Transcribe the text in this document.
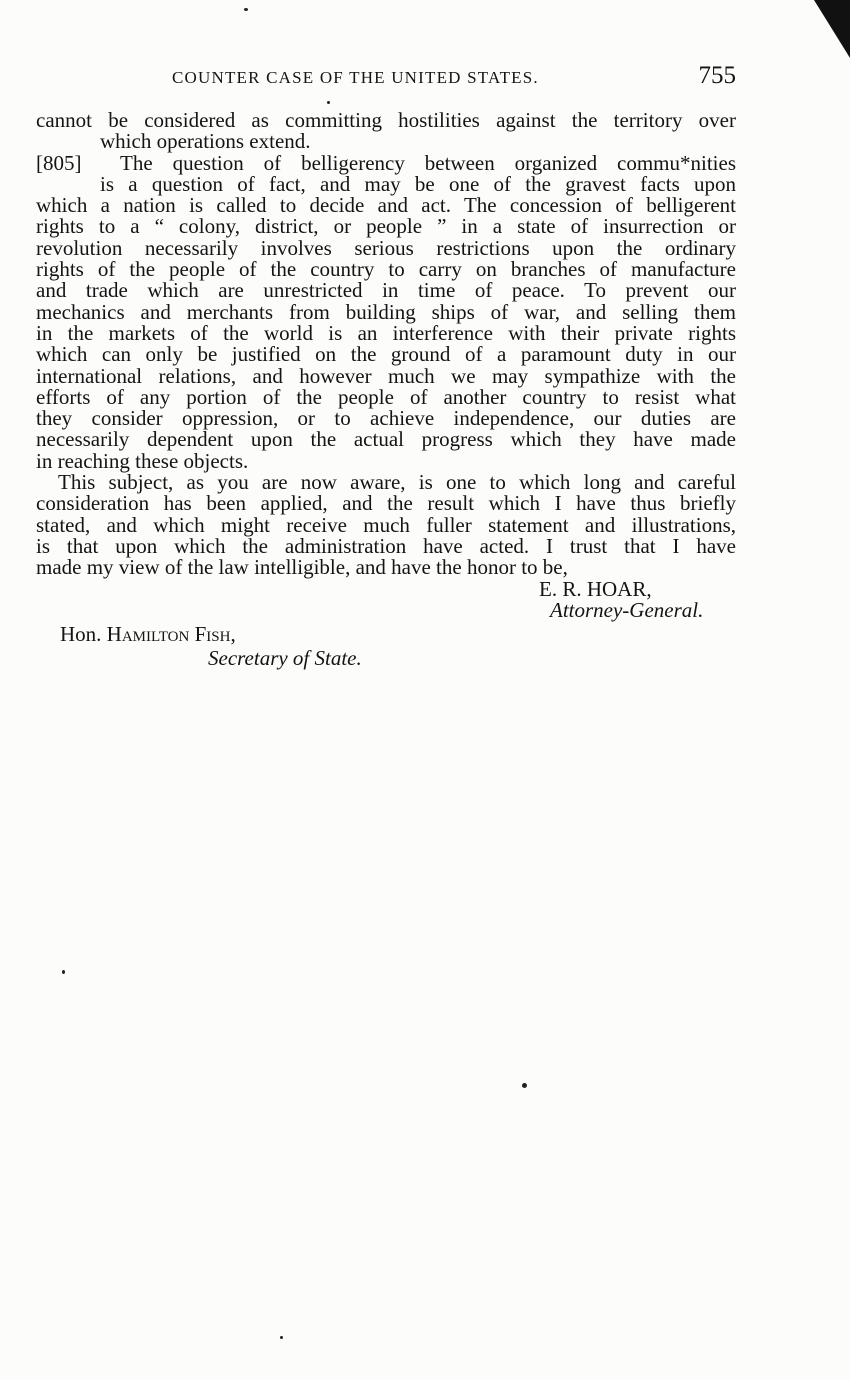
COUNTER CASE OF THE UNITED STATES.	755
cannot be considered as committing hostilities against the territory over
which operations extend.
[805]	The question of belligerency between organized commu*nities
is a question of fact, and may be one of the gravest facts upon
which a nation is called to decide and act. The concession of belligerent
rights to a “ colony, district, or people ” in a state of insurrection or
revolution necessarily involves serious restrictions upon the ordinary
rights of the people of the country to carry on branches of manufacture
and trade which are unrestricted in time of peace. To prevent our
mechanics and merchants from building ships of war, and selling them
in the markets of the world is an interference with their private rights
which can only be justified on the ground of a paramount duty in our
international relations, and however much we may sympathize with the
efforts of any portion of the people of another country to resist what
they consider oppression, or to achieve independence, our duties are
necessarily dependent upon the actual progress which they have made
in reaching these objects.
This subject, as you are now aware, is one to which long and careful
consideration has been applied, and the result which I have thus briefly
stated, and which might receive much fuller statement and illustrations,
is that upon which the administration have acted. I trust that I have
made my view of the law intelligible, and have the honor to be,
E. R. HOAR,
Attorney-General.
Hon. Hamilton Fish,
Secretary of State.
